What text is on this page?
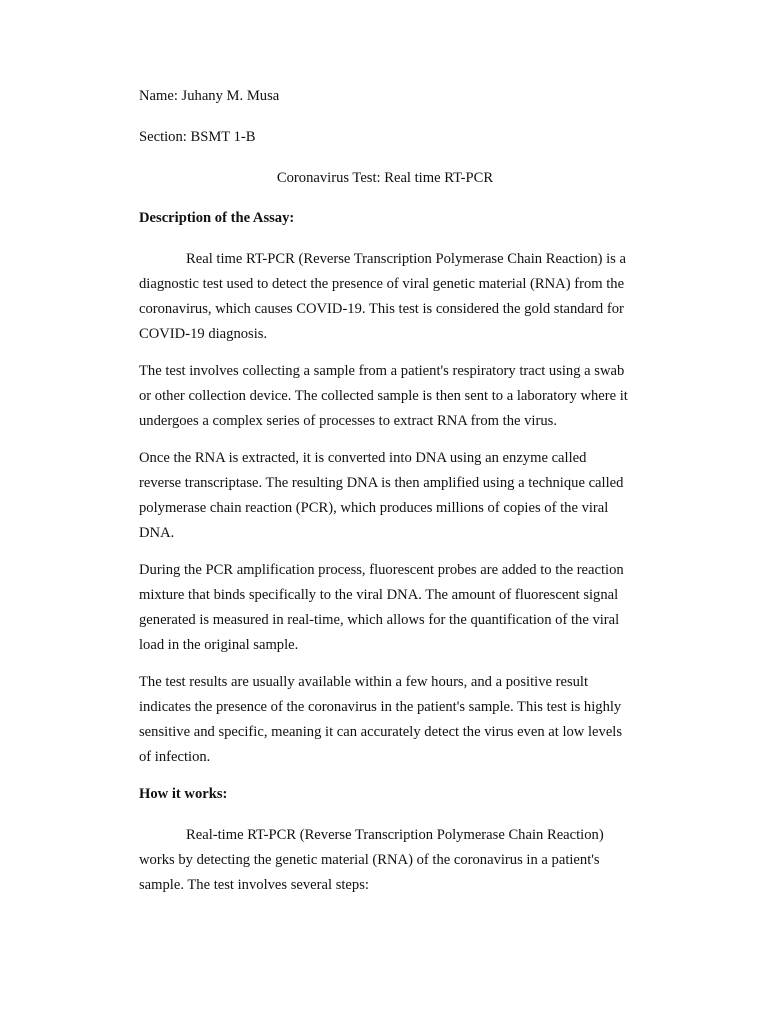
Name: Juhany M. Musa

Section: BSMT 1-B

Coronavirus Test: Real time RT-PCR

Description of the Assay:

Real time RT-PCR (Reverse Transcription Polymerase Chain Reaction) is a diagnostic test used to detect the presence of viral genetic material (RNA) from the coronavirus, which causes COVID-19. This test is considered the gold standard for COVID-19 diagnosis.

The test involves collecting a sample from a patient's respiratory tract using a swab or other collection device. The collected sample is then sent to a laboratory where it undergoes a complex series of processes to extract RNA from the virus.

Once the RNA is extracted, it is converted into DNA using an enzyme called reverse transcriptase. The resulting DNA is then amplified using a technique called polymerase chain reaction (PCR), which produces millions of copies of the viral DNA.

During the PCR amplification process, fluorescent probes are added to the reaction mixture that binds specifically to the viral DNA. The amount of fluorescent signal generated is measured in real-time, which allows for the quantification of the viral load in the original sample.

The test results are usually available within a few hours, and a positive result indicates the presence of the coronavirus in the patient's sample. This test is highly sensitive and specific, meaning it can accurately detect the virus even at low levels of infection.

How it works:

Real-time RT-PCR (Reverse Transcription Polymerase Chain Reaction) works by detecting the genetic material (RNA) of the coronavirus in a patient's sample. The test involves several steps:
